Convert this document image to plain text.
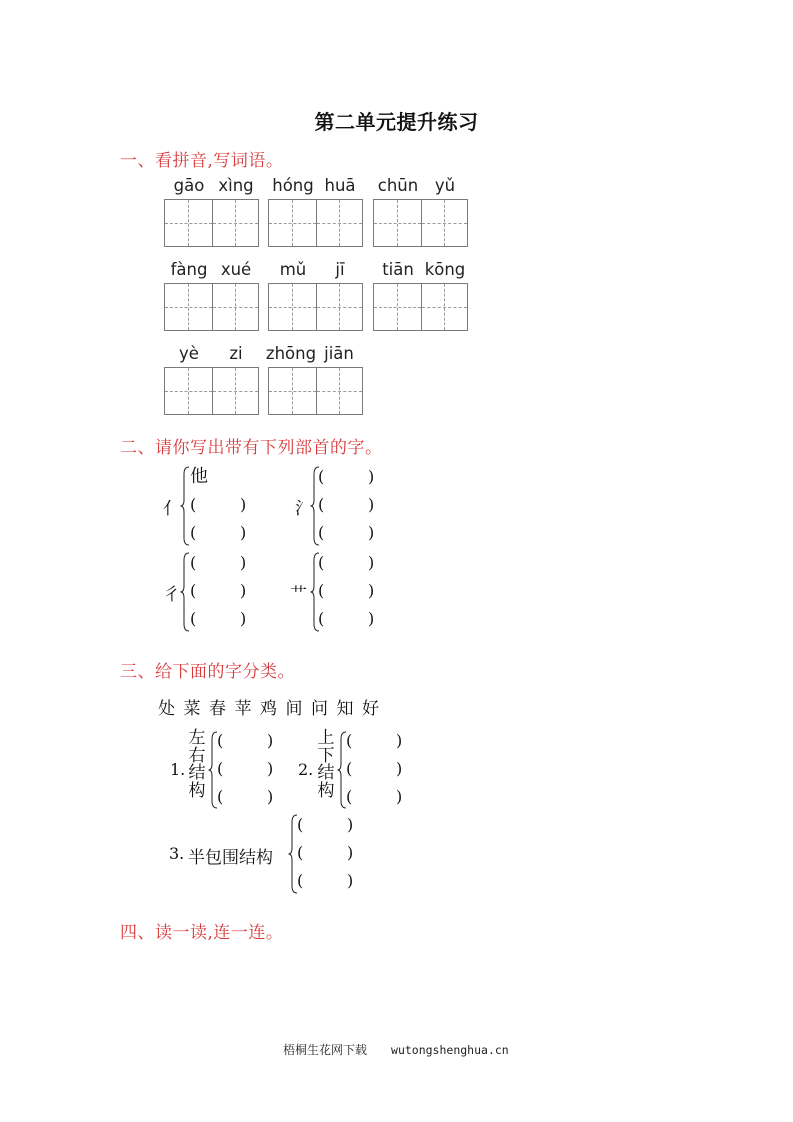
第二单元提升练习
一、看拼音,写词语。
gāo xìng hóng huā chūn yǔ
fàng xué mǔ jī tiān kōng
yè zi zhōng jiān
二、请你写出带有下列部首的字。
亻
他
(	)
(	)
氵
(	)
(	)
(	)
彳
(	)
(	)
(	)
艹
(	)
(	)
(	)
三、给下面的字分类。
处 菜 春 苹 鸡 间 问 知 好
1.
左
右
结
构
(	)
(	)
(	)
2.
上
下
结
构
(	)
(	)
(	)
3. 半包围结构
(	)
(	)
(	)
四、读一读,连一连。
梧桐生花网下载 wutongshenghua.cn
